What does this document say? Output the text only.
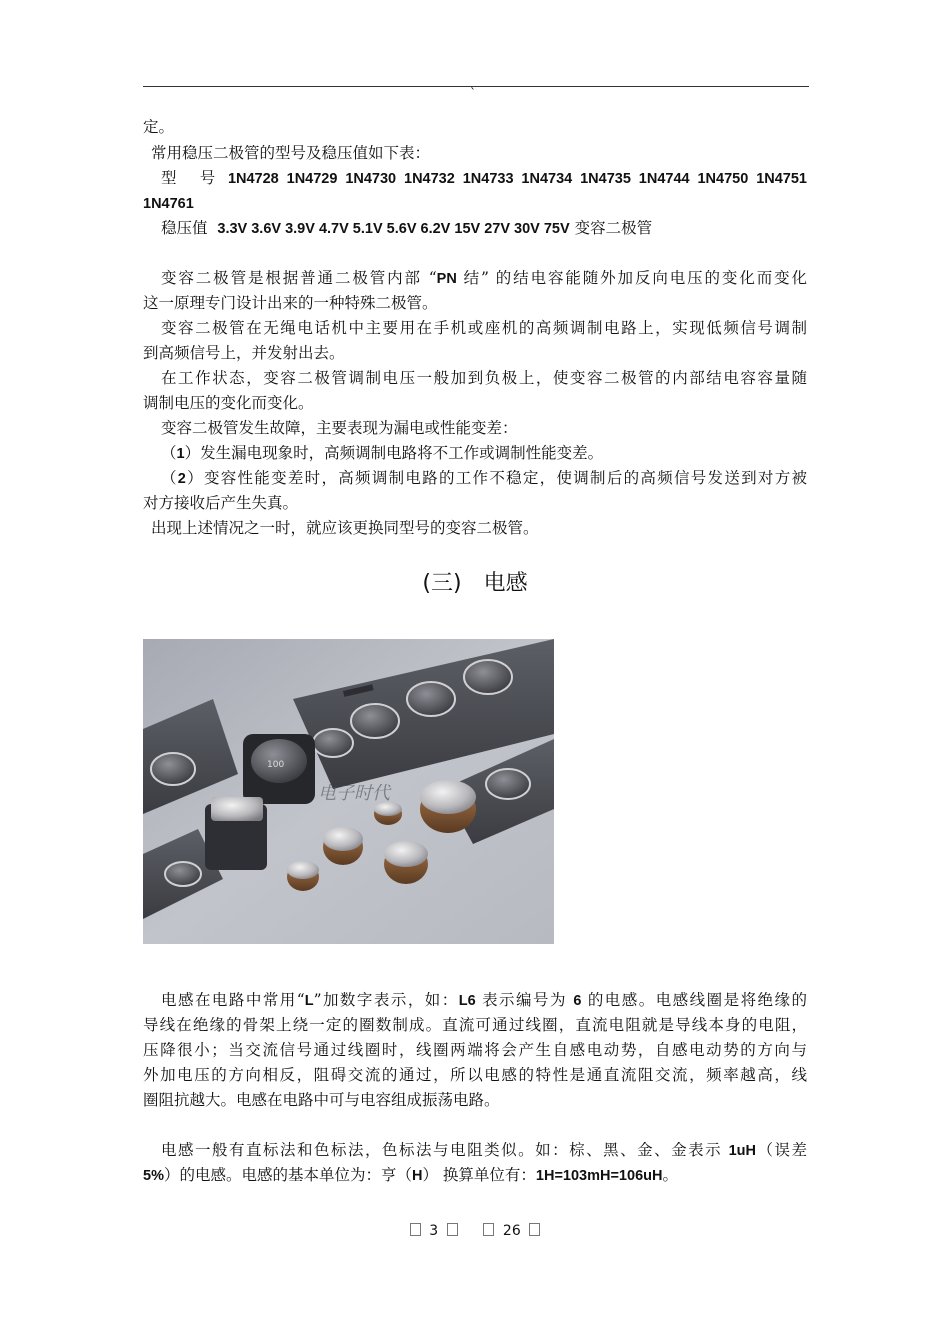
`
定。
常用稳压二极管的型号及稳压值如下表：
型　号 1N4728 1N4729 1N4730 1N4732 1N4733 1N4734 1N4735 1N4744 1N4750 1N4751
1N4761
稳压值 3.3V 3.6V 3.9V 4.7V 5.1V 5.6V 6.2V 15V 27V 30V 75V 变容二极管
变容二极管是根据普通二极管内部 “PN 结” 的结电容能随外加反向电压的变化而变化
这一原理专门设计出来的一种特殊二极管。
变容二极管在无绳电话机中主要用在手机或座机的高频调制电路上，实现低频信号调制
到高频信号上，并发射出去。
在工作状态，变容二极管调制电压一般加到负极上，使变容二极管的内部结电容容量随
调制电压的变化而变化。
变容二极管发生故障，主要表现为漏电或性能变差：
（1）发生漏电现象时，高频调制电路将不工作或调制性能变差。
（2）变容性能变差时，高频调制电路的工作不稳定，使调制后的高频信号发送到对方被
对方接收后产生失真。
出现上述情况之一时，就应该更换同型号的变容二极管。
(三)　电感
100
电子时代
电感在电路中常用“L”加数字表示，如：L6 表示编号为 6 的电感。电感线圈是将绝缘的
导线在绝缘的骨架上绕一定的圈数制成。直流可通过线圈，直流电阻就是导线本身的电阻，
压降很小；当交流信号通过线圈时，线圈两端将会产生自感电动势，自感电动势的方向与
外加电压的方向相反，阻碍交流的通过，所以电感的特性是通直流阻交流，频率越高，线
圈阻抗越大。电感在电路中可与电容组成振荡电路。
电感一般有直标法和色标法，色标法与电阻类似。如：棕、黑、金、金表示 1uH（误差
5%）的电感。电感的基本单位为：亨（H） 换算单位有：1H=103mH=106uH。
3	26
